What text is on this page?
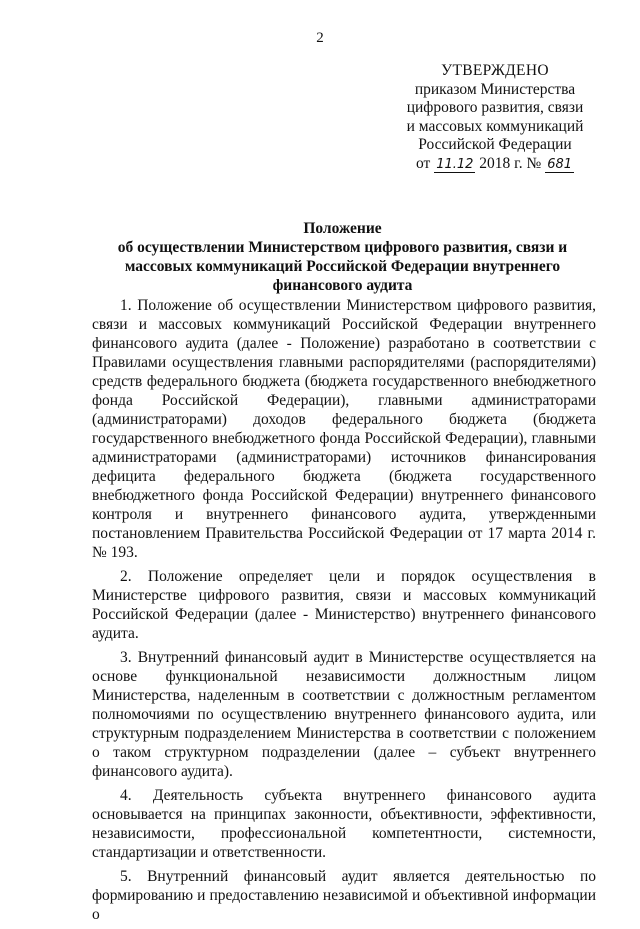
2
УТВЕРЖДЕНО
приказом Министерства
цифрового развития, связи
и массовых коммуникаций
Российской Федерации
от 11.12 2018 г. № 681
Положение
об осуществлении Министерством цифрового развития, связи и
массовых коммуникаций Российской Федерации внутреннего
финансового аудита

1. Положение об осуществлении Министерством цифрового развития, связи и массовых коммуникаций Российской Федерации внутреннего финансового аудита (далее - Положение) разработано в соответствии с Правилами осуществления главными распорядителями (распорядителями) средств федерального бюджета (бюджета государственного внебюджетного фонда Российской Федерации), главными администраторами (администраторами) доходов федерального бюджета (бюджета государственного внебюджетного фонда Российской Федерации), главными администраторами (администраторами) источников финансирования дефицита федерального бюджета (бюджета государственного внебюджетного фонда Российской Федерации) внутреннего финансового контроля и внутреннего финансового аудита, утвержденными постановлением Правительства Российской Федерации от 17 марта 2014 г. № 193.

2. Положение определяет цели и порядок осуществления в Министерстве цифрового развития, связи и массовых коммуникаций Российской Федерации (далее - Министерство) внутреннего финансового аудита.

3. Внутренний финансовый аудит в Министерстве осуществляется на основе функциональной независимости должностным лицом Министерства, наделенным в соответствии с должностным регламентом полномочиями по осуществлению внутреннего финансового аудита, или структурным подразделением Министерства в соответствии с положением о таком структурном подразделении (далее – субъект внутреннего финансового аудита).

4. Деятельность субъекта внутреннего финансового аудита основывается на принципах законности, объективности, эффективности, независимости, профессиональной компетентности, системности, стандартизации и ответственности.

5. Внутренний финансовый аудит является деятельностью по формированию и предоставлению независимой и объективной информации о
